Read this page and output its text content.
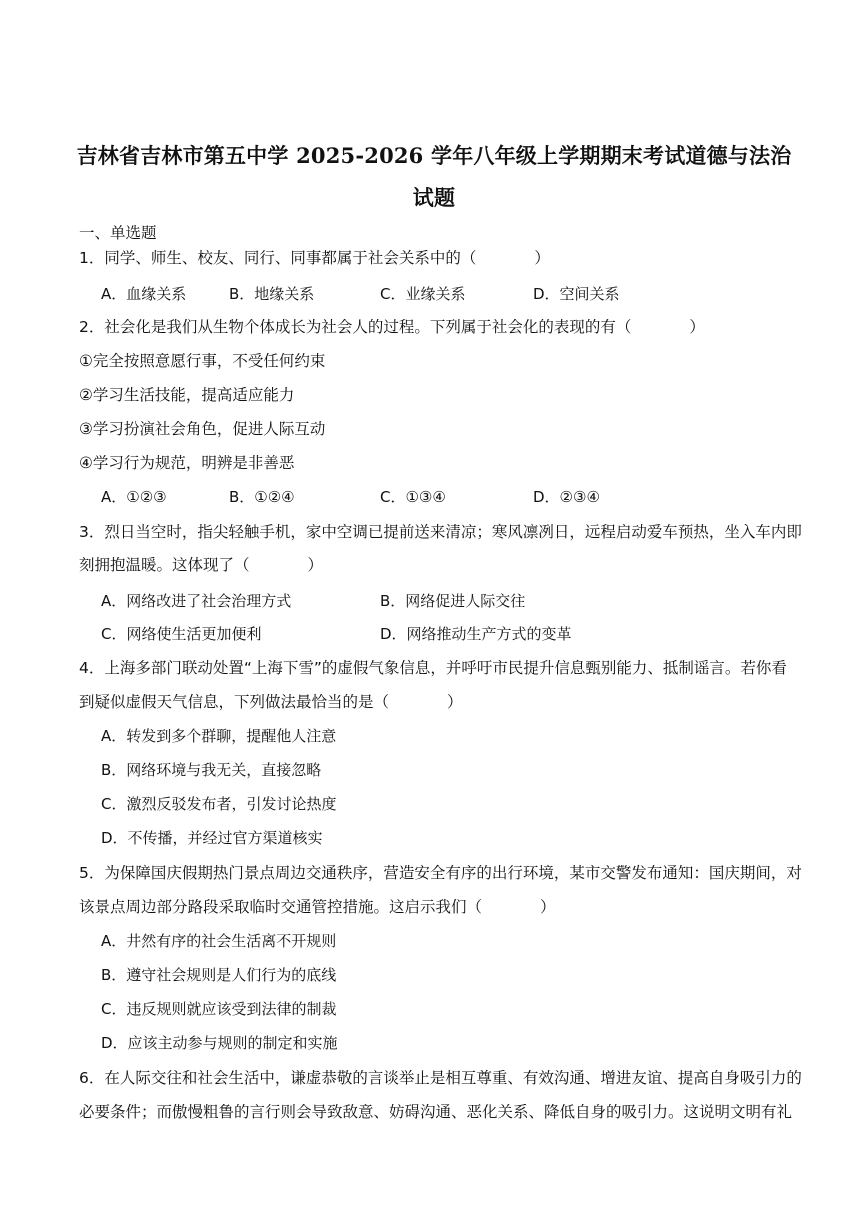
吉林省吉林市第五中学 2025-2026 学年八年级上学期期末考试道德与法治
试题
一、单选题
1．同学、师生、校友、同行、同事都属于社会关系中的（	）
A．血缘关系	B．地缘关系	C．业缘关系	D．空间关系
2．社会化是我们从生物个体成长为社会人的过程。下列属于社会化的表现的有（	）
①完全按照意愿行事，不受任何约束
②学习生活技能，提高适应能力
③学习扮演社会角色，促进人际互动
④学习行为规范，明辨是非善恶
A．①②③	B．①②④	C．①③④	D．②③④
3．烈日当空时，指尖轻触手机，家中空调已提前送来清凉；寒风凛冽日，远程启动爱车预热，坐入车内即
刻拥抱温暖。这体现了（	）
A．网络改进了社会治理方式	B．网络促进人际交往
C．网络使生活更加便利	D．网络推动生产方式的变革
4．上海多部门联动处置“上海下雪”的虚假气象信息，并呼吁市民提升信息甄别能力、抵制谣言。若你看
到疑似虚假天气信息，下列做法最恰当的是（	）
A．转发到多个群聊，提醒他人注意
B．网络环境与我无关，直接忽略
C．激烈反驳发布者，引发讨论热度
D．不传播，并经过官方渠道核实
5．为保障国庆假期热门景点周边交通秩序，营造安全有序的出行环境，某市交警发布通知：国庆期间，对
该景点周边部分路段采取临时交通管控措施。这启示我们（	）
A．井然有序的社会生活离不开规则
B．遵守社会规则是人们行为的底线
C．违反规则就应该受到法律的制裁
D．应该主动参与规则的制定和实施
6．在人际交往和社会生活中，谦虚恭敬的言谈举止是相互尊重、有效沟通、增进友谊、提高自身吸引力的
必要条件；而傲慢粗鲁的言行则会导致敌意、妨碍沟通、恶化关系、降低自身的吸引力。这说明文明有礼
